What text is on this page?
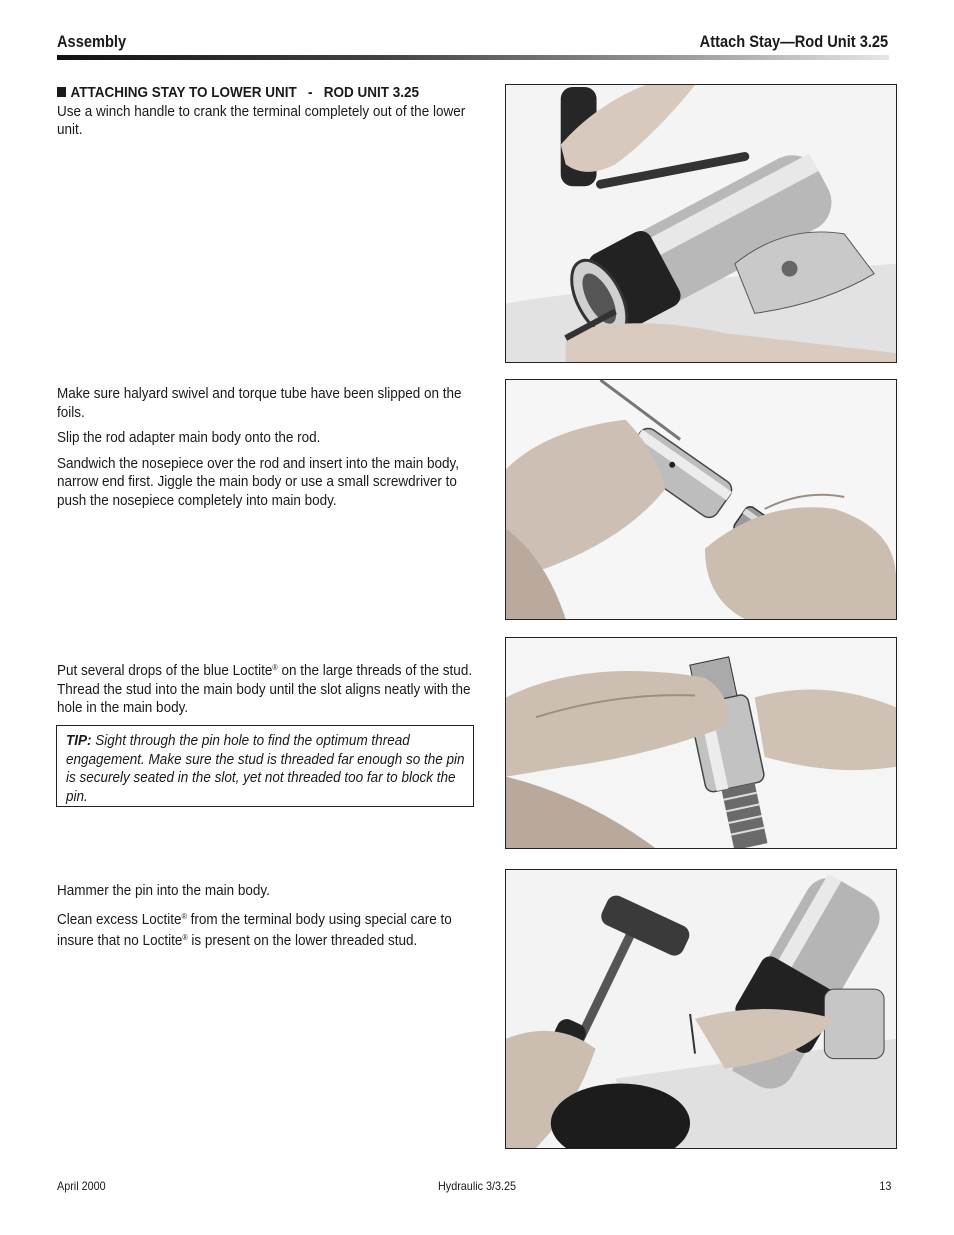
Assembly	Attach Stay—Rod Unit 3.25
ATTACHING STAY TO LOWER UNIT   -   ROD UNIT 3.25

Use a winch handle to crank the terminal completely out of the lower unit.

Make sure halyard swivel and torque tube have been slipped on the foils.

Slip the rod adapter main body onto the rod.

Sandwich the nosepiece over the rod and insert into the main body, narrow end first. Jiggle the main body or use a small screwdriver to push the nosepiece completely into main body.

Put several drops of the blue Loctite® on the large threads of the stud. Thread the stud into the main body until the slot aligns neatly with the hole in the main body.

TIP: Sight through the pin hole to find the optimum thread engagement. Make sure the stud is threaded far enough so the pin is securely seated in the slot, yet not threaded too far to block the pin.

Hammer the pin into the main body.

Clean excess Loctite® from the terminal body using special care to insure that no Loctite® is present on the lower threaded stud.

April 2000	Hydraulic 3/3.25	13
